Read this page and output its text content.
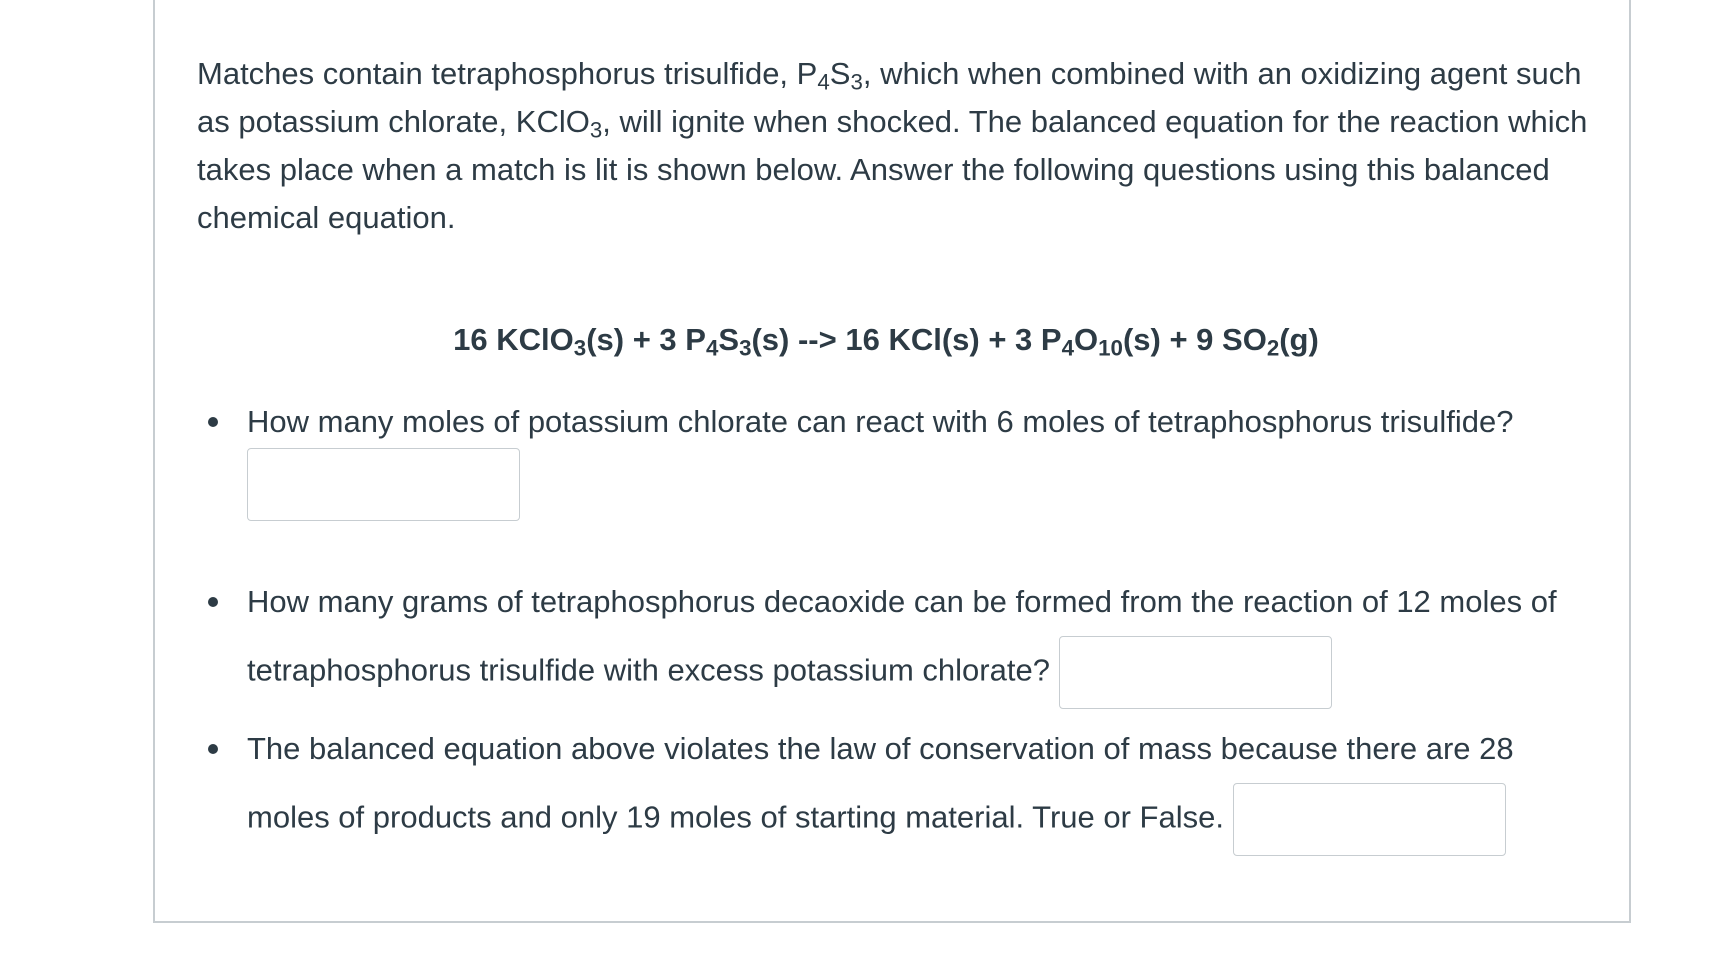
Matches contain tetraphosphorus trisulfide, $P_4S_3$, which when combined with an oxidizing agent such as potassium chlorate, KClO$_3$, will ignite when shocked. The balanced equation for the reaction which takes place when a match is lit is shown below. Answer the following questions using this balanced chemical equation.

16 KClO$_3$(s) + 3 $P_4S_3(s)$ --> 16 KCl(s) + 3 $P_4O_{10}(s) + 9$ $SO_2(g)$

How many moles of potassium chlorate can react with 6 moles of tetraphosphorus trisulfide?
How many grams of tetraphosphorus decaoxide can be formed from the reaction of 12 moles of tetraphosphorus trisulfide with excess potassium chlorate?
The balanced equation above violates the law of conservation of mass because there are 28 moles of products and only 19 moles of starting material. True or False.
